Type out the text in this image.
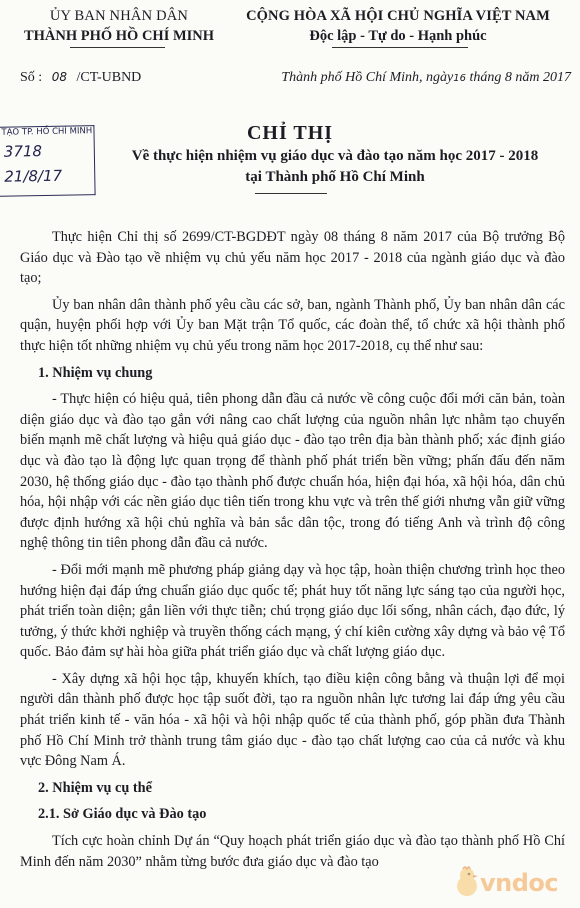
ỦY BAN NHÂN DÂN
THÀNH PHỐ HỒ CHÍ MINH
CỘNG HÒA XÃ HỘI CHỦ NGHĨA VIỆT NAM
Độc lập - Tự do - Hạnh phúc
Số : 08 /CT-UBND	Thành phố Hồ Chí Minh, ngày16 tháng 8 năm 2017
TẠO TP. HỒ CHÍ MINH
3718
21/8/17
CHỈ THỊ
Về thực hiện nhiệm vụ giáo dục và đào tạo năm học 2017 - 2018
tại Thành phố Hồ Chí Minh

Thực hiện Chỉ thị số 2699/CT-BGDĐT ngày 08 tháng 8 năm 2017 của Bộ trưởng Bộ Giáo dục và Đào tạo về nhiệm vụ chủ yếu năm học 2017 - 2018 của ngành giáo dục và đào tạo;

Ủy ban nhân dân thành phố yêu cầu các sở, ban, ngành Thành phố, Ủy ban nhân dân các quận, huyện phối hợp với Ủy ban Mặt trận Tổ quốc, các đoàn thể, tổ chức xã hội thành phố thực hiện tốt những nhiệm vụ chủ yếu trong năm học 2017-2018, cụ thể như sau:

1. Nhiệm vụ chung

- Thực hiện có hiệu quả, tiên phong dẫn đầu cả nước về công cuộc đổi mới căn bản, toàn diện giáo dục và đào tạo gắn với nâng cao chất lượng của nguồn nhân lực nhằm tạo chuyển biến mạnh mẽ chất lượng và hiệu quả giáo dục - đào tạo trên địa bàn thành phố; xác định giáo dục và đào tạo là động lực quan trọng để thành phố phát triển bền vững; phấn đấu đến năm 2030, hệ thống giáo dục - đào tạo thành phố được chuẩn hóa, hiện đại hóa, xã hội hóa, dân chủ hóa, hội nhập với các nền giáo dục tiên tiến trong khu vực và trên thế giới nhưng vẫn giữ vững được định hướng xã hội chủ nghĩa và bản sắc dân tộc, trong đó tiếng Anh và trình độ công nghệ thông tin tiên phong dẫn đầu cả nước.

- Đổi mới mạnh mẽ phương pháp giảng dạy và học tập, hoàn thiện chương trình học theo hướng hiện đại đáp ứng chuẩn giáo dục quốc tế; phát huy tốt năng lực sáng tạo của người học, phát triển toàn diện; gắn liền với thực tiễn; chú trọng giáo dục lối sống, nhân cách, đạo đức, lý tưởng, ý thức khởi nghiệp và truyền thống cách mạng, ý chí kiên cường xây dựng và bảo vệ Tổ quốc. Bảo đảm sự hài hòa giữa phát triển giáo dục và chất lượng giáo dục.

- Xây dựng xã hội học tập, khuyến khích, tạo điều kiện công bằng và thuận lợi để mọi người dân thành phố được học tập suốt đời, tạo ra nguồn nhân lực tương lai đáp ứng yêu cầu phát triển kinh tế - văn hóa - xã hội và hội nhập quốc tế của thành phố, góp phần đưa Thành phố Hồ Chí Minh trở thành trung tâm giáo dục - đào tạo chất lượng cao của cả nước và khu vực Đông Nam Á.

2. Nhiệm vụ cụ thể
2.1. Sở Giáo dục và Đào tạo

Tích cực hoàn chỉnh Dự án “Quy hoạch phát triển giáo dục và đào tạo thành phố Hồ Chí Minh đến năm 2030” nhằm từng bước đưa giáo dục và đào tạo

vndoc
